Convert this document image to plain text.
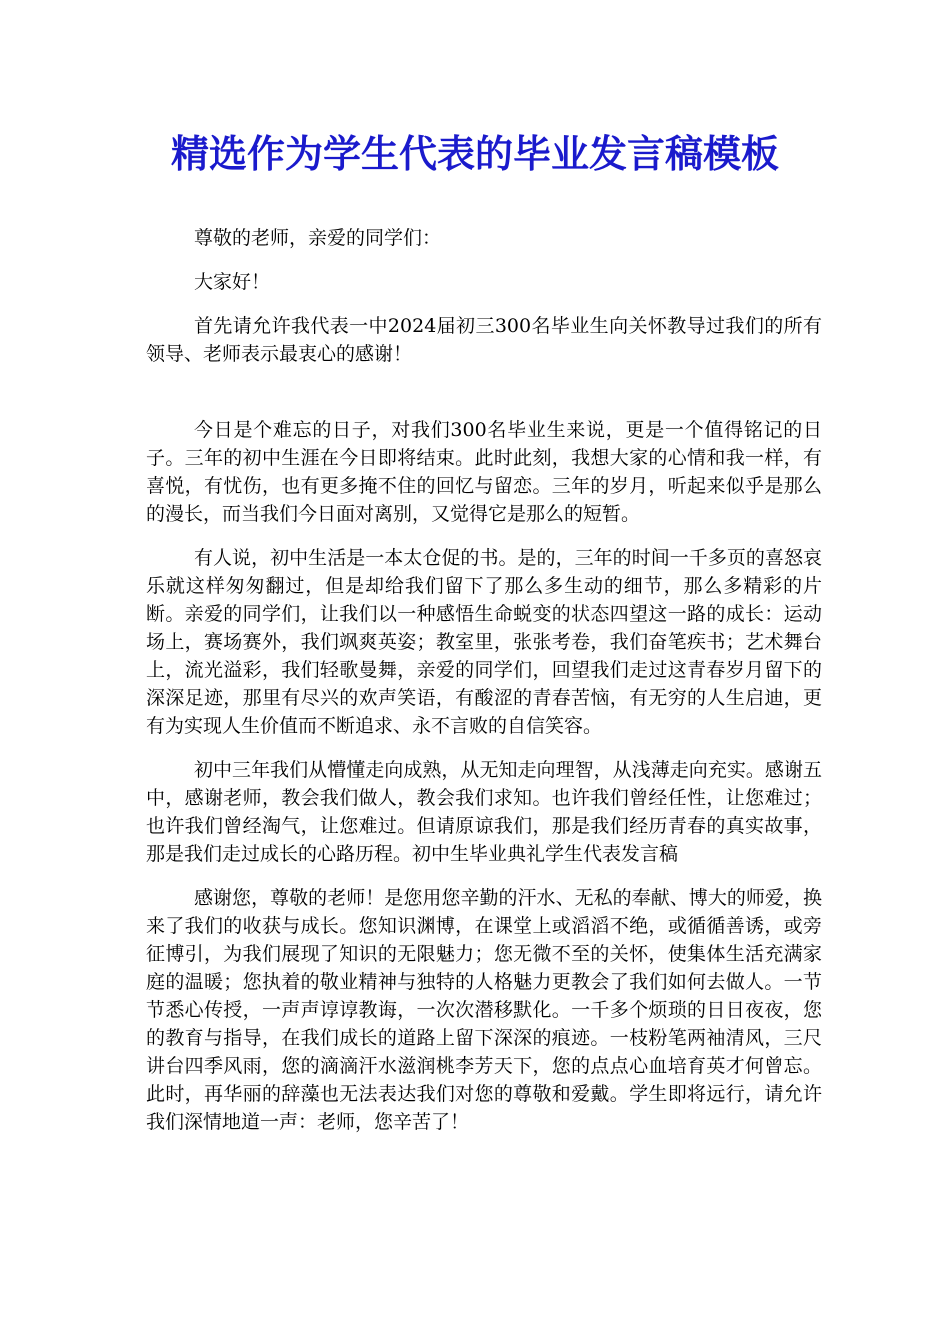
精选作为学生代表的毕业发言稿模板

尊敬的老师，亲爱的同学们：

大家好！

首先请允许我代表一中2024届初三300名毕业生向关怀教导过我们的所有领导、老师表示最衷心的感谢！

今日是个难忘的日子，对我们300名毕业生来说，更是一个值得铭记的日子。三年的初中生涯在今日即将结束。此时此刻，我想大家的心情和我一样，有喜悦，有忧伤，也有更多掩不住的回忆与留恋。三年的岁月，听起来似乎是那么的漫长，而当我们今日面对离别，又觉得它是那么的短暂。

有人说，初中生活是一本太仓促的书。是的，三年的时间一千多页的喜怒哀乐就这样匆匆翻过，但是却给我们留下了那么多生动的细节，那么多精彩的片断。亲爱的同学们，让我们以一种感悟生命蜕变的状态四望这一路的成长：运动场上，赛场赛外，我们飒爽英姿；教室里，张张考卷，我们奋笔疾书；艺术舞台上，流光溢彩，我们轻歌曼舞，亲爱的同学们，回望我们走过这青春岁月留下的深深足迹，那里有尽兴的欢声笑语，有酸涩的青春苦恼，有无穷的人生启迪，更有为实现人生价值而不断追求、永不言败的自信笑容。

初中三年我们从懵懂走向成熟，从无知走向理智，从浅薄走向充实。感谢五中，感谢老师，教会我们做人，教会我们求知。也许我们曾经任性，让您难过；也许我们曾经淘气，让您难过。但请原谅我们，那是我们经历青春的真实故事，那是我们走过成长的心路历程。初中生毕业典礼学生代表发言稿

感谢您，尊敬的老师！是您用您辛勤的汗水、无私的奉献、博大的师爱，换来了我们的收获与成长。您知识渊博，在课堂上或滔滔不绝，或循循善诱，或旁征博引，为我们展现了知识的无限魅力；您无微不至的关怀，使集体生活充满家庭的温暖；您执着的敬业精神与独特的人格魅力更教会了我们如何去做人。一节节悉心传授，一声声谆谆教诲，一次次潜移默化。一千多个烦琐的日日夜夜，您的教育与指导，在我们成长的道路上留下深深的痕迹。一枝粉笔两袖清风，三尺讲台四季风雨，您的滴滴汗水滋润桃李芳天下，您的点点心血培育英才何曾忘。此时，再华丽的辞藻也无法表达我们对您的尊敬和爱戴。学生即将远行，请允许我们深情地道一声：老师，您辛苦了！
